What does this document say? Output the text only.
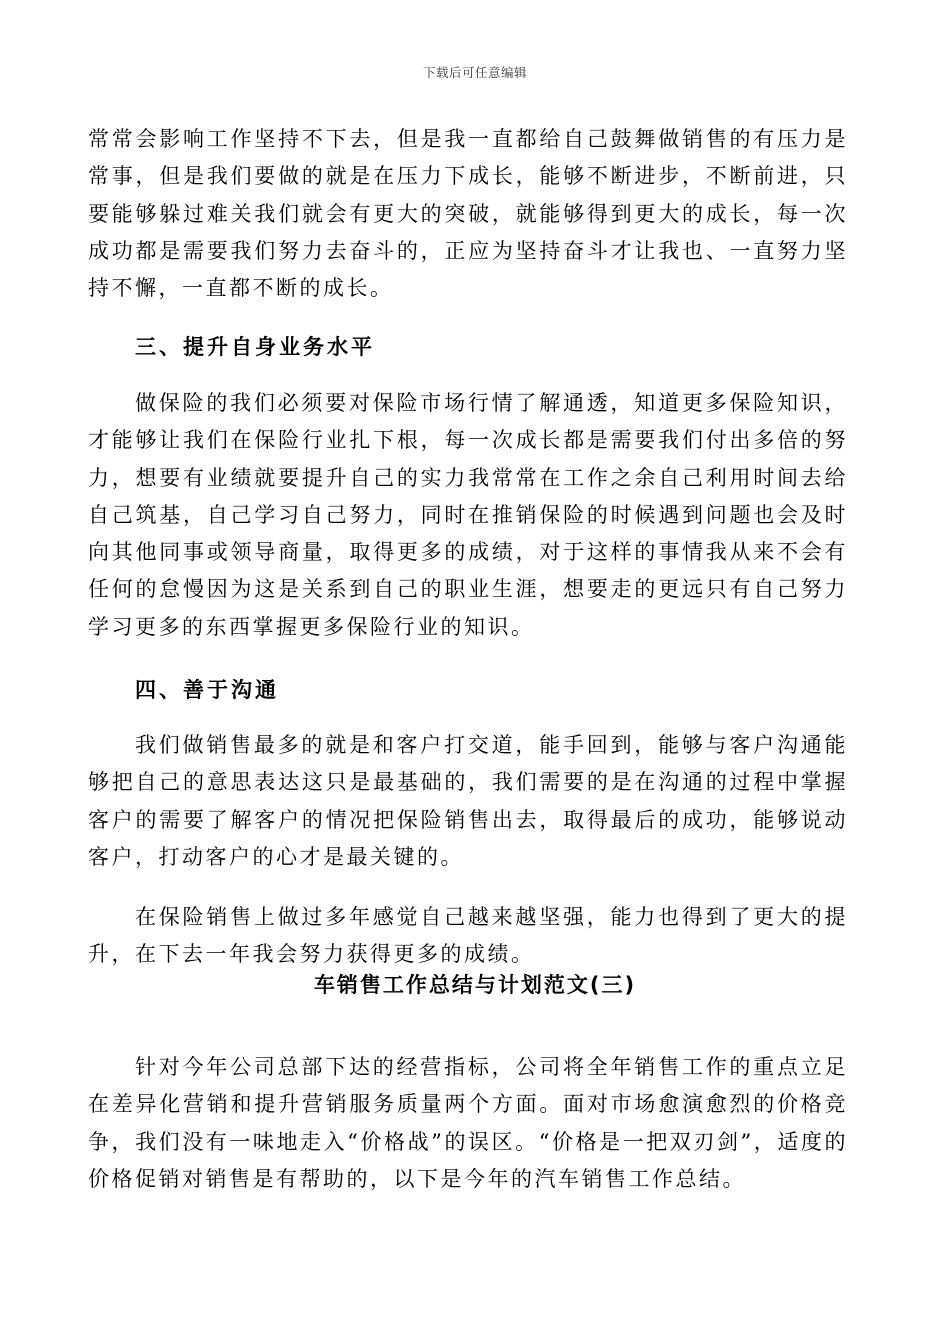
下载后可任意编辑

常常会影响工作坚持不下去，但是我一直都给自己鼓舞做销售的有压力是常事，但是我们要做的就是在压力下成长，能够不断进步，不断前进，只要能够躲过难关我们就会有更大的突破，就能够得到更大的成长，每一次成功都是需要我们努力去奋斗的，正应为坚持奋斗才让我也、一直努力坚持不懈，一直都不断的成长。

三、提升自身业务水平

做保险的我们必须要对保险市场行情了解通透，知道更多保险知识，才能够让我们在保险行业扎下根，每一次成长都是需要我们付出多倍的努力，想要有业绩就要提升自己的实力我常常在工作之余自己利用时间去给自己筑基，自己学习自己努力，同时在推销保险的时候遇到问题也会及时向其他同事或领导商量，取得更多的成绩，对于这样的事情我从来不会有任何的怠慢因为这是关系到自己的职业生涯，想要走的更远只有自己努力学习更多的东西掌握更多保险行业的知识。

四、善于沟通

我们做销售最多的就是和客户打交道，能手回到，能够与客户沟通能够把自己的意思表达这只是最基础的，我们需要的是在沟通的过程中掌握客户的需要了解客户的情况把保险销售出去，取得最后的成功，能够说动客户，打动客户的心才是最关键的。

在保险销售上做过多年感觉自己越来越坚强，能力也得到了更大的提升，在下去一年我会努力获得更多的成绩。

车销售工作总结与计划范文(三)

针对今年公司总部下达的经营指标，公司将全年销售工作的重点立足在差异化营销和提升营销服务质量两个方面。面对市场愈演愈烈的价格竞争，我们没有一味地走入“价格战”的误区。“价格是一把双刃剑”，适度的价格促销对销售是有帮助的，以下是今年的汽车销售工作总结。
